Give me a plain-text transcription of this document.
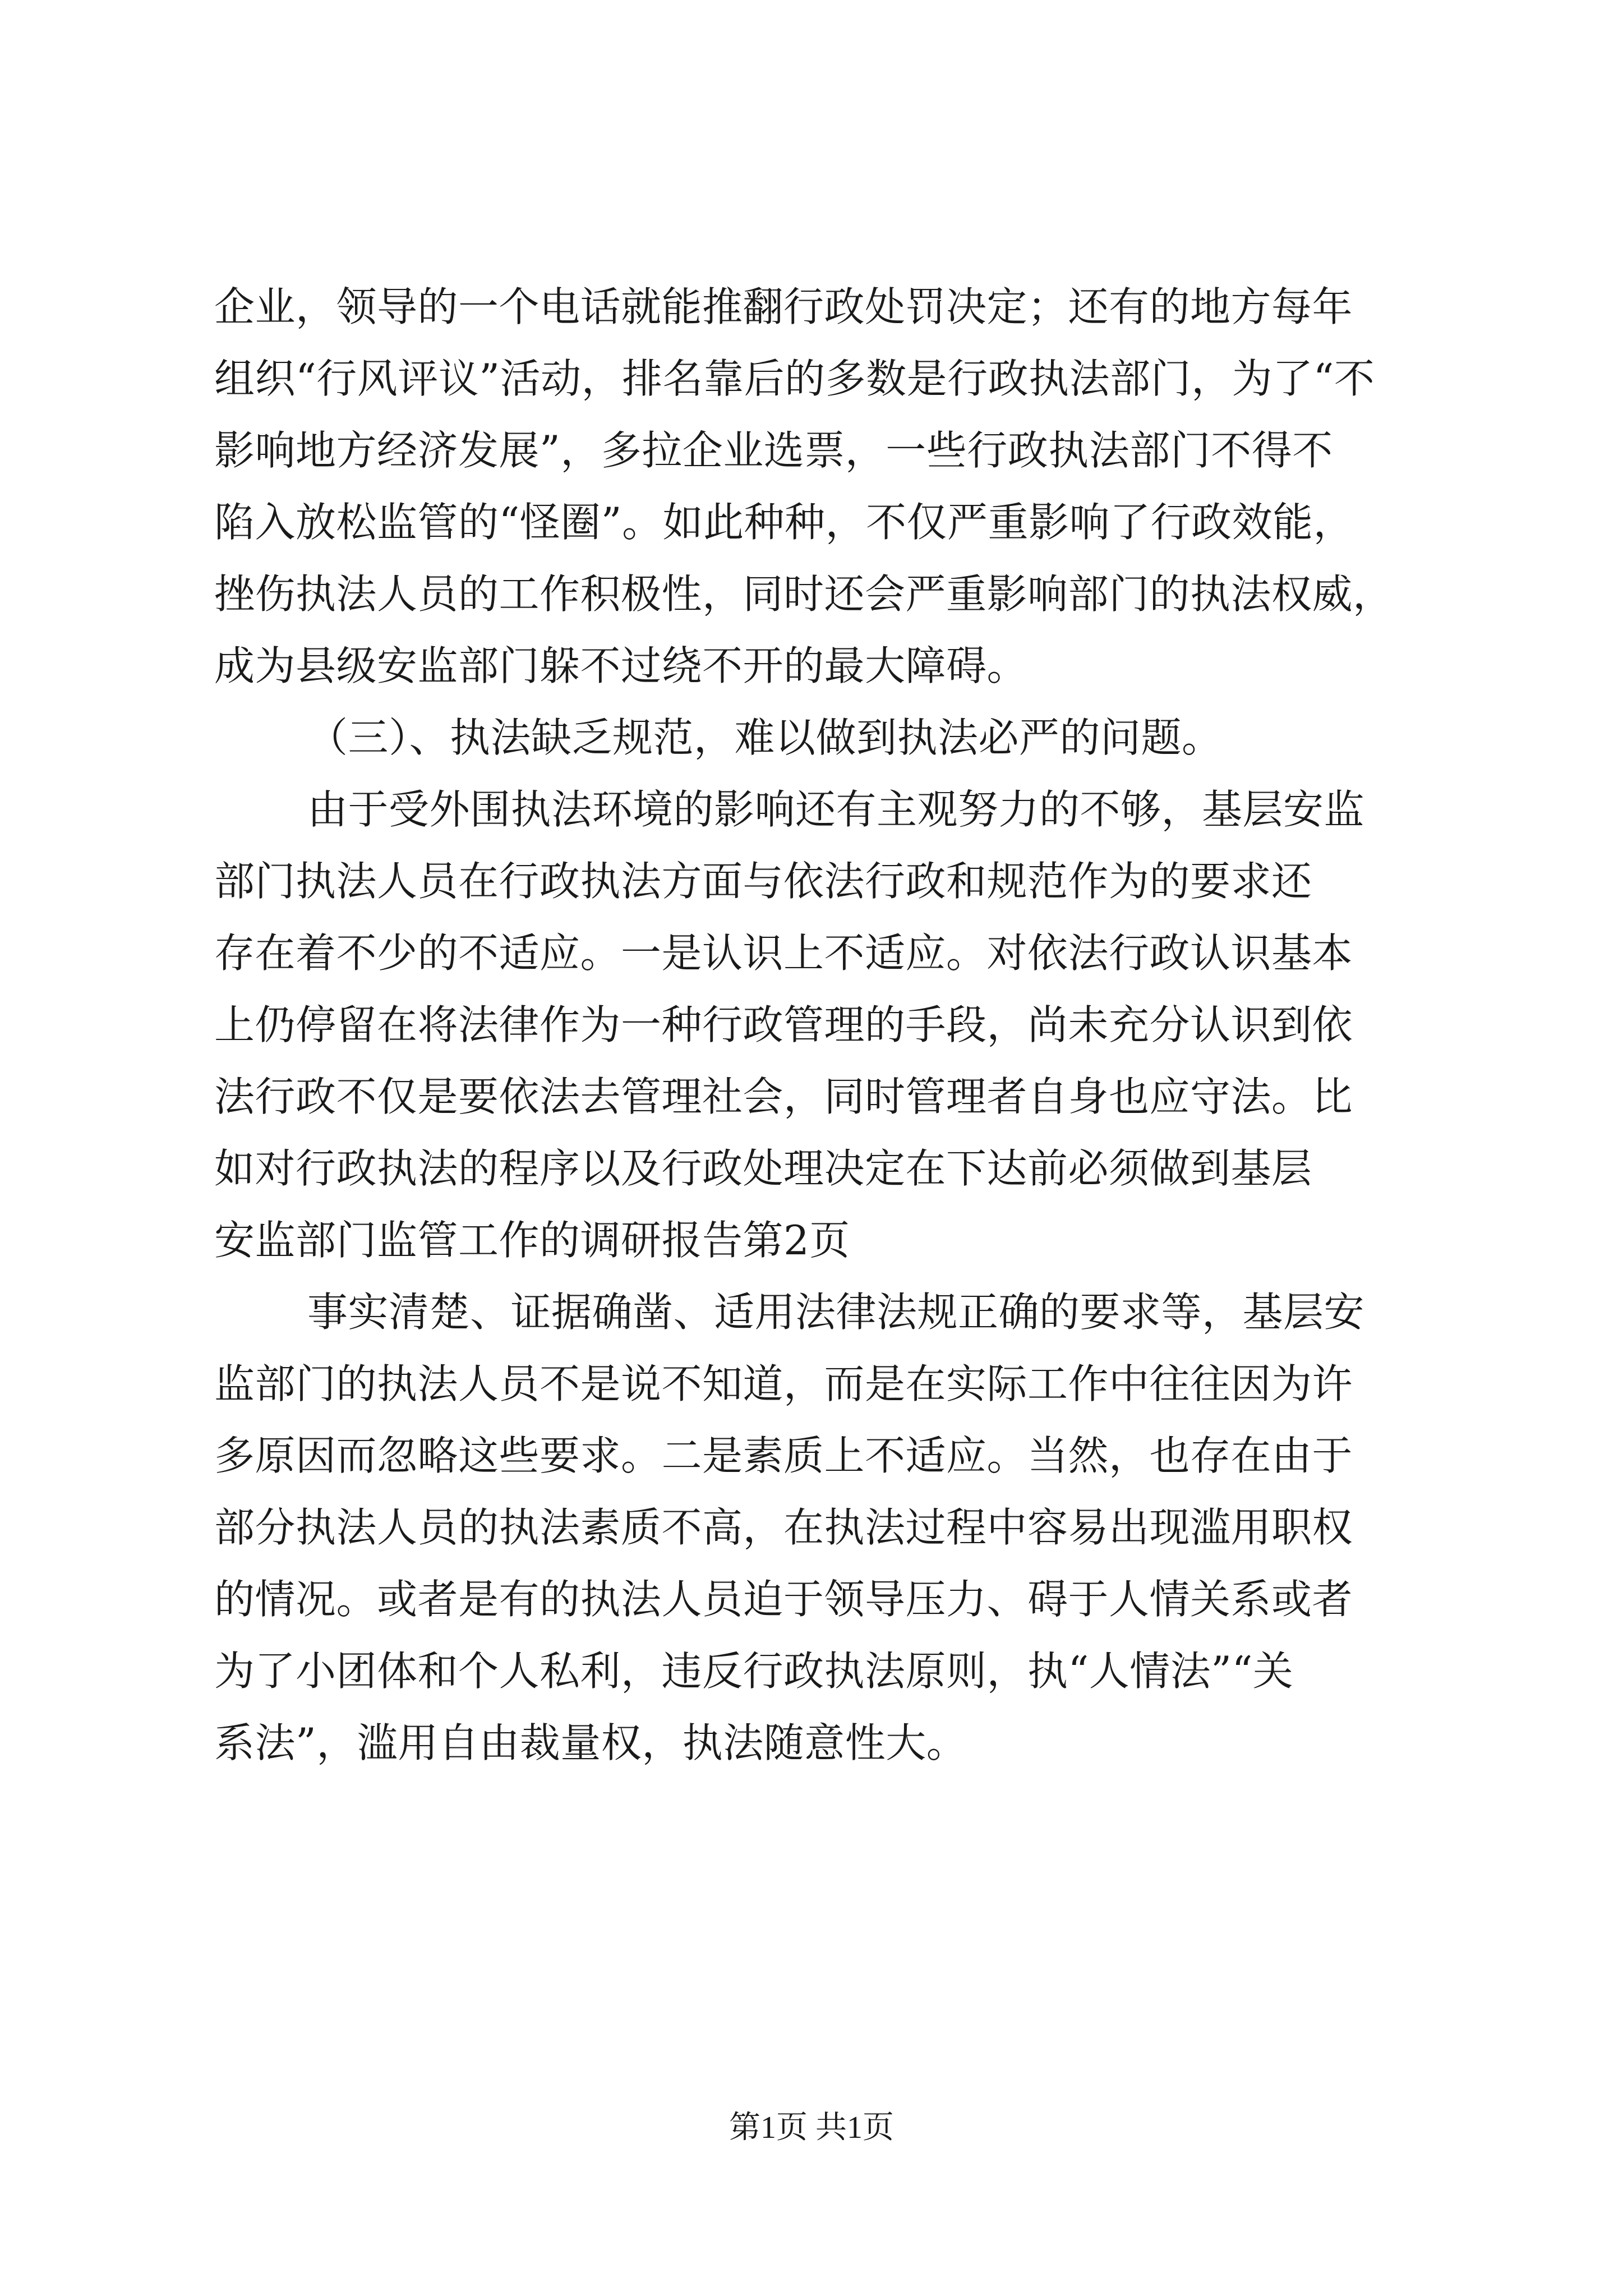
企业，领导的一个电话就能推翻行政处罚决定；还有的地方每年
组织“行风评议”活动，排名靠后的多数是行政执法部门，为了“不
影响地方经济发展”，多拉企业选票，一些行政执法部门不得不
陷入放松监管的“怪圈”。如此种种，不仅严重影响了行政效能，
挫伤执法人员的工作积极性，同时还会严重影响部门的执法权威，
成为县级安监部门躲不过绕不开的最大障碍。
（三）、执法缺乏规范，难以做到执法必严的问题。
由于受外围执法环境的影响还有主观努力的不够，基层安监
部门执法人员在行政执法方面与依法行政和规范作为的要求还
存在着不少的不适应。一是认识上不适应。对依法行政认识基本
上仍停留在将法律作为一种行政管理的手段，尚未充分认识到依
法行政不仅是要依法去管理社会，同时管理者自身也应守法。比
如对行政执法的程序以及行政处理决定在下达前必须做到基层
安监部门监管工作的调研报告第2页
事实清楚、证据确凿、适用法律法规正确的要求等，基层安
监部门的执法人员不是说不知道，而是在实际工作中往往因为许
多原因而忽略这些要求。二是素质上不适应。当然，也存在由于
部分执法人员的执法素质不高，在执法过程中容易出现滥用职权
的情况。或者是有的执法人员迫于领导压力、碍于人情关系或者
为了小团体和个人私利，违反行政执法原则，执“人情法”“关
系法”，滥用自由裁量权，执法随意性大。
第1页 共1页
